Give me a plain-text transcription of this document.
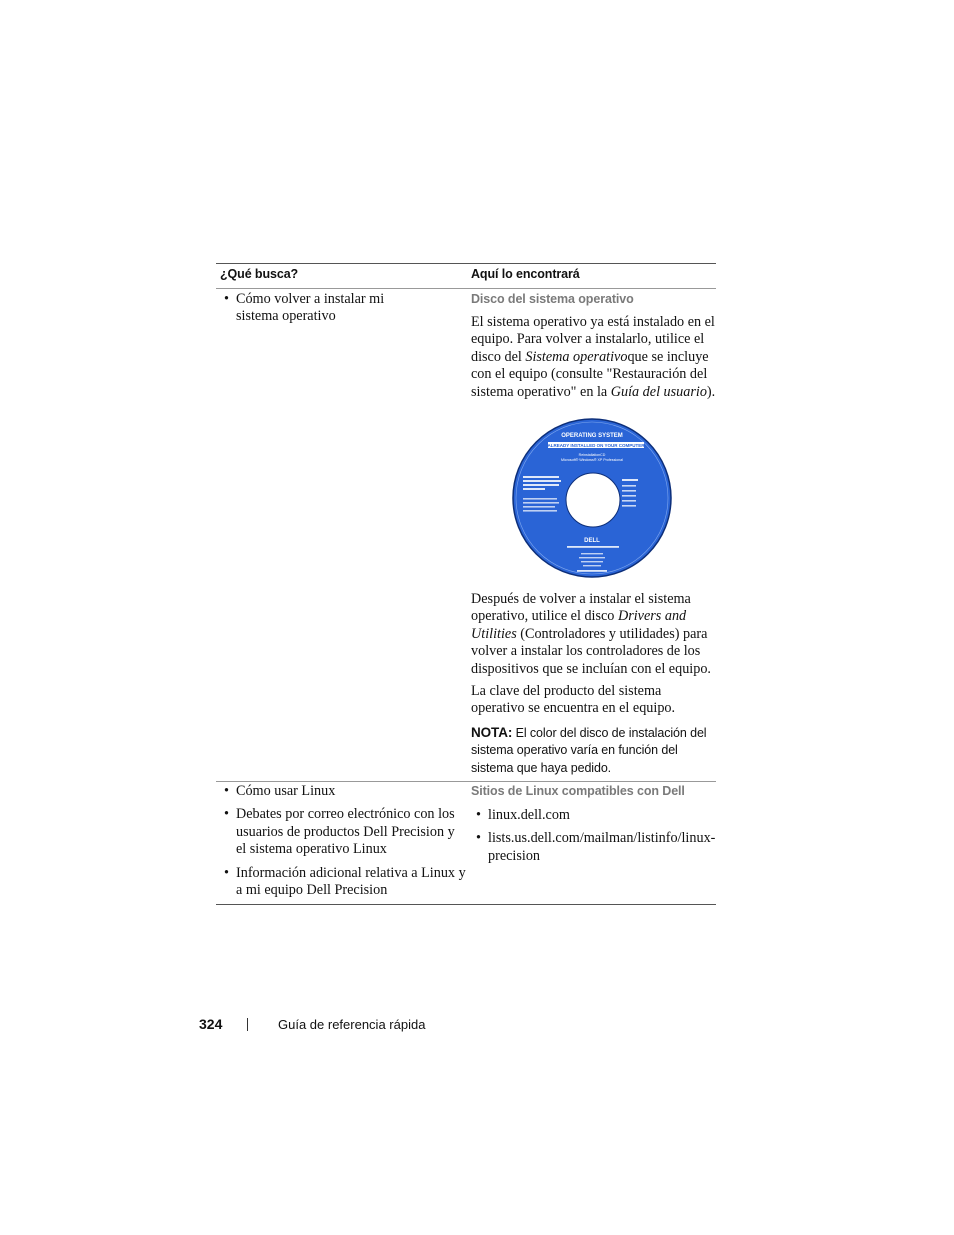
¿Qué busca?	Aquí lo encontrará
• Cómo volver a instalar mi sistema operativo
Disco del sistema operativo

El sistema operativo ya está instalado en el equipo. Para volver a instalarlo, utilice el disco del Sistema operativoque se incluye con el equipo (consulte "Restauración del sistema operativo" en la Guía del usuario).

OPERATING SYSTEM
ALREADY INSTALLED ON YOUR COMPUTER
ReinstallationCD
Microsoft® Windows® XP Professional
DELL

Después de volver a instalar el sistema operativo, utilice el disco Drivers and Utilities (Controladores y utilidades) para volver a instalar los controladores de los dispositivos que se incluían con el equipo.

La clave del producto del sistema operativo se encuentra en el equipo.

NOTA: El color del disco de instalación del sistema operativo varía en función del sistema que haya pedido.

• Cómo usar Linux
• Debates por correo electrónico con los usuarios de productos Dell Precision y el sistema operativo Linux
• Información adicional relativa a Linux y a mi equipo Dell Precision
Sitios de Linux compatibles con Dell
• linux.dell.com
• lists.us.dell.com/mailman/listinfo/linux-precision
324	Guía de referencia rápida
